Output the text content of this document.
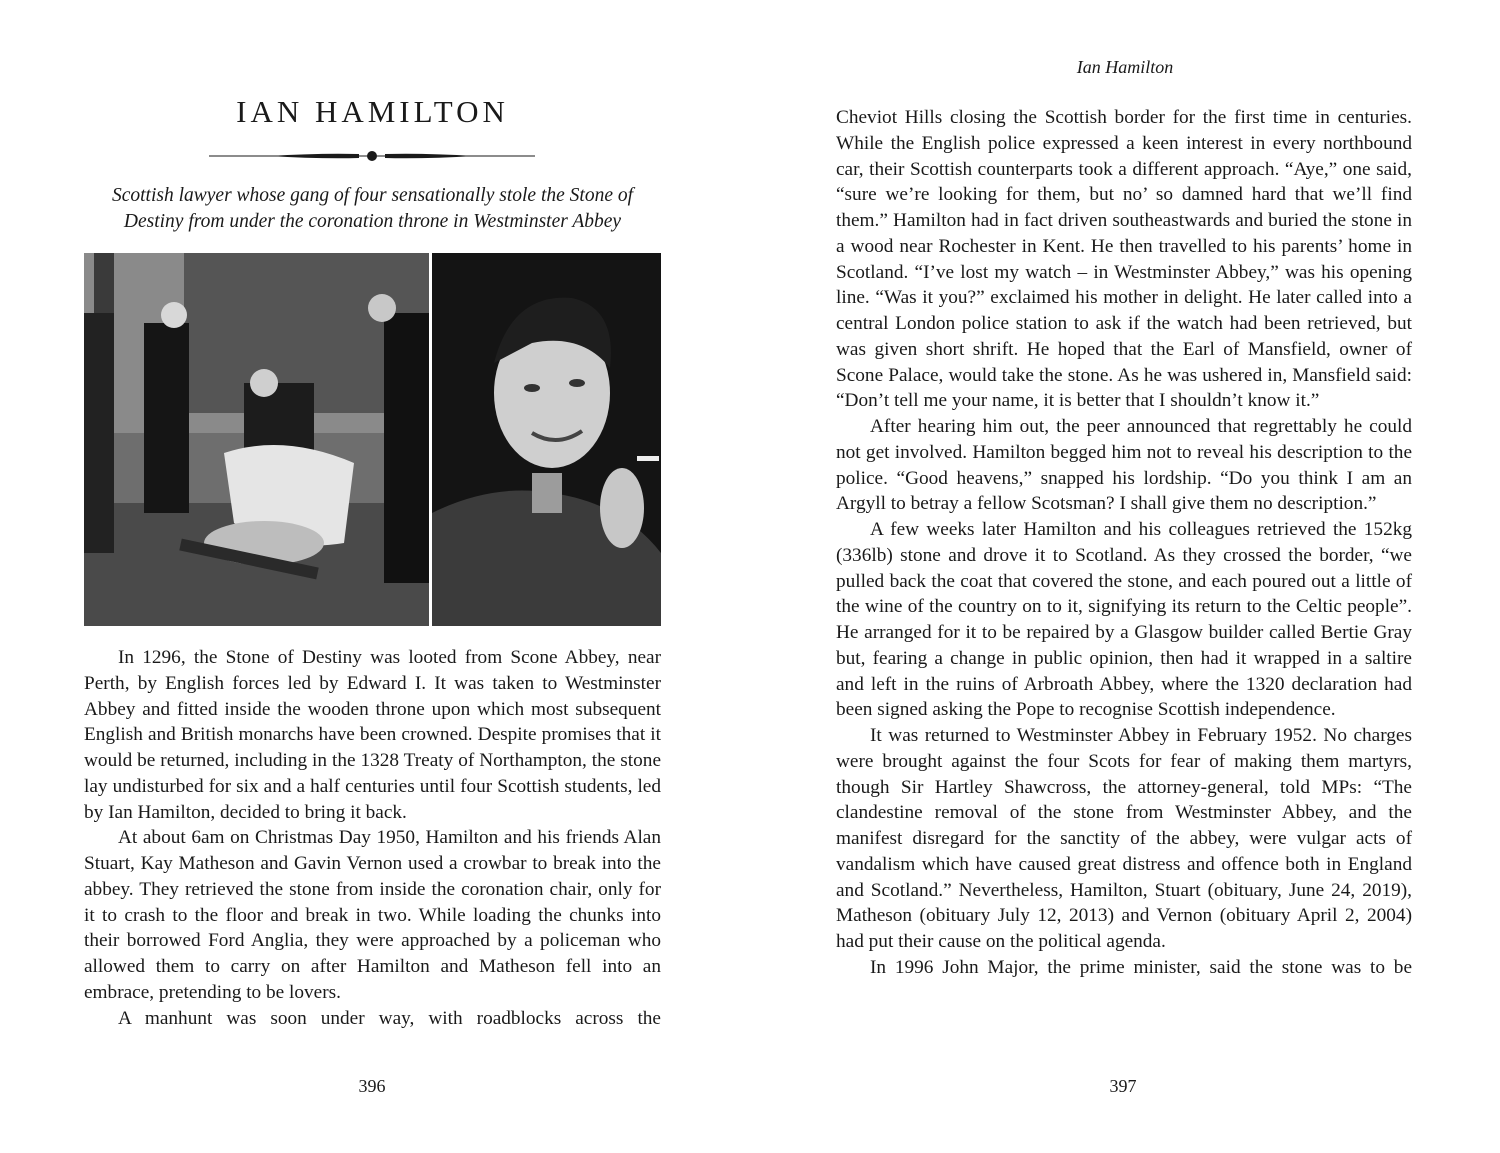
IAN HAMILTON
Scottish lawyer whose gang of four sensationally stole the Stone of
Destiny from under the coronation throne in Westminster Abbey

In 1296, the Stone of Destiny was looted from Scone Abbey, near Perth, by English forces led by Edward I. It was taken to Westminster Abbey and fitted inside the wooden throne upon which most subsequent English and British monarchs have been crowned. Despite promises that it would be returned, including in the 1328 Treaty of Northampton, the stone lay undisturbed for six and a half centuries until four Scottish students, led by Ian Hamilton, decided to bring it back.

At about 6am on Christmas Day 1950, Hamilton and his friends Alan Stuart, Kay Matheson and Gavin Vernon used a crowbar to break into the abbey. They retrieved the stone from inside the coronation chair, only for it to crash to the floor and break in two. While loading the chunks into their borrowed Ford Anglia, they were approached by a policeman who allowed them to carry on after Hamilton and Matheson fell into an embrace, pretending to be lovers.

A manhunt was soon under way, with roadblocks across the

396
Ian Hamilton

Cheviot Hills closing the Scottish border for the first time in centuries. While the English police expressed a keen interest in every northbound car, their Scottish counterparts took a different approach. “Aye,” one said, “sure we’re looking for them, but no’ so damned hard that we’ll find them.” Hamilton had in fact driven southeastwards and buried the stone in a wood near Rochester in Kent. He then travelled to his parents’ home in Scotland. “I’ve lost my watch – in Westminster Abbey,” was his opening line. “Was it you?” exclaimed his mother in delight. He later called into a central London police station to ask if the watch had been retrieved, but was given short shrift. He hoped that the Earl of Mansfield, owner of Scone Palace, would take the stone. As he was ushered in, Mansfield said: “Don’t tell me your name, it is better that I shouldn’t know it.”

After hearing him out, the peer announced that regrettably he could not get involved. Hamilton begged him not to reveal his description to the police. “Good heavens,” snapped his lordship. “Do you think I am an Argyll to betray a fellow Scotsman? I shall give them no description.”

A few weeks later Hamilton and his colleagues retrieved the 152kg (336lb) stone and drove it to Scotland. As they crossed the border, “we pulled back the coat that covered the stone, and each poured out a little of the wine of the country on to it, signifying its return to the Celtic people”. He arranged for it to be repaired by a Glasgow builder called Bertie Gray but, fearing a change in public opinion, then had it wrapped in a saltire and left in the ruins of Arbroath Abbey, where the 1320 declaration had been signed asking the Pope to recognise Scottish independence.

It was returned to Westminster Abbey in February 1952. No charges were brought against the four Scots for fear of making them martyrs, though Sir Hartley Shawcross, the attorney-general, told MPs: “The clandestine removal of the stone from Westminster Abbey, and the manifest disregard for the sanctity of the abbey, were vulgar acts of vandalism which have caused great distress and offence both in England and Scotland.” Nevertheless, Hamilton, Stuart (obituary, June 24, 2019), Matheson (obituary July 12, 2013) and Vernon (obituary April 2, 2004) had put their cause on the political agenda.

In 1996 John Major, the prime minister, said the stone was to be

397
